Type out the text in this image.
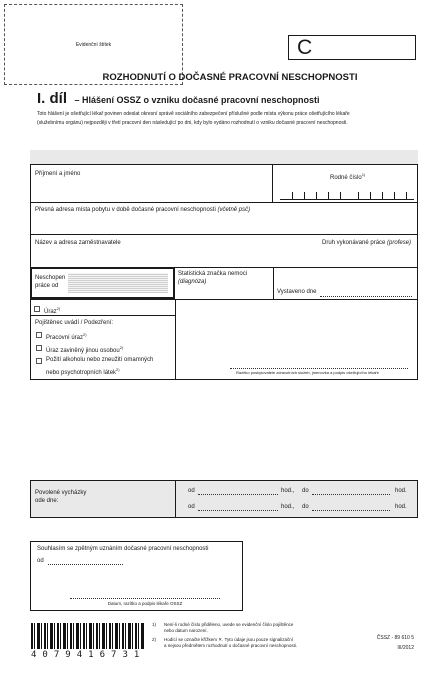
Evidenční štítek	C
ROZHODNUTÍ O DOČASNÉ PRACOVNÍ NESCHOPNOSTI
I. díl – Hlášení OSSZ o vzniku dočasné pracovní neschopnosti
Toto hlášení je ošetřující lékař povinen odeslat okresní správě sociálního zabezpečení příslušné podle místa výkonu práce ošetřujícího lékaře
(služebnímu orgánu) nejpozději v třetí pracovní den následující po dni, kdy bylo vydáno rozhodnutí o vzniku dočasné pracovní neschopnosti.
Příjmení a jméno
Rodné číslo$^{1)}$
Přesná adresa místa pobytu v době dočasné pracovní neschopnosti (včetně psč)
Název a adresa zaměstnavatele	Druh vykonávané práce (profese)
Neschopen
práce od
Statistická značka nemoci
(diagnóza)
Vystaveno dne
Úraz$^{2)}$
Pojištěnec uvádí / Podezření:
Pracovní úraz$^{2)}$
Úraz zaviněný jinou osobou$^{2)}$
Požití alkoholu nebo zneužití omamných
nebo psychotropních látek$^{2)}$
Razítko poskytovatele zdravotních služeb, jmenovka a podpis ošetřujícího lékaře
Povolené vycházky
ode dne:
od	hod., do	hod.
od	hod., do	hod.
Souhlasím se zpětným uznáním dočasné pracovní neschopnosti
od
Datum, razítko a podpis lékaře OSSZ
4 0 7 9 4 1 6 7 3 1
1) Není-li rodné číslo přiděleno, uvede se evidenční číslo pojištěnce
nebo datum narození.
2) Hodící se označte křížkem ✕. Tyto údaje jsou pouze signalizační
a nejsou předmětem rozhodnutí o dočasné pracovní neschopnosti.
ČSSZ - 89 610 5
III/2012
